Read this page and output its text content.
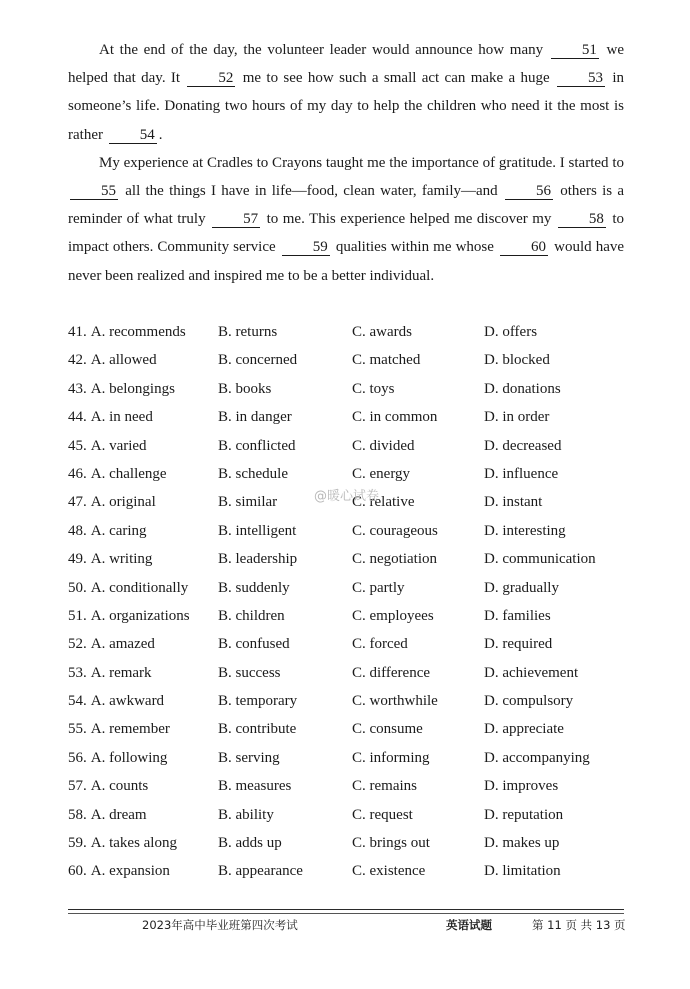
At the end of the day, the volunteer leader would announce how many	51 we helped that day. It	52 me to see how such a small act can make a huge	53 in someone’s life. Donating two hours of my day to help the children who need it the most is rather 54 .

My experience at Cradles to Crayons taught me the importance of gratitude. I started to 55 all the things I have in life—food, clean water, family—and	56 others is a reminder of what truly	57 to me. This experience helped me discover my	58 to impact others. Community service 59 qualities within me whose 60 would have never been realized and inspired me to be a better individual.

41. A. recommends B. returns	C. awards	D. offers
42. A. allowed	B. concerned	C. matched	D. blocked
43. A. belongings	B. books	C. toys	D. donations
44. A. in need	B. in danger	C. in common	D. in order
45. A. varied	B. conflicted	C. divided	D. decreased
46. A. challenge	B. schedule	C. energy	D. influence
47. A. original	B. similar	C. relative	D. instant
48. A. caring	B. intelligent	C. courageous	D. interesting
49. A. writing	B. leadership	C. negotiation	D. communication
50. A. conditionally B. suddenly	C. partly	D. gradually
51. A. organizations B. children	C. employees	D. families
52. A. amazed	B. confused	C. forced	D. required
53. A. remark	B. success	C. difference	D. achievement
54. A. awkward	B. temporary	C. worthwhile	D. compulsory
55. A. remember	B. contribute	C. consume	D. appreciate
56. A. following	B. serving	C. informing	D. accompanying
57. A. counts	B. measures	C. remains	D. improves
58. A. dream	B. ability	C. request	D. reputation
59. A. takes along	B. adds up	C. brings out	D. makes up
60. A. expansion	B. appearance	C. existence	D. limitation
@暖心试卷
2023年高中毕业班第四次考试	英语试题	第 11 页 共 13 页
